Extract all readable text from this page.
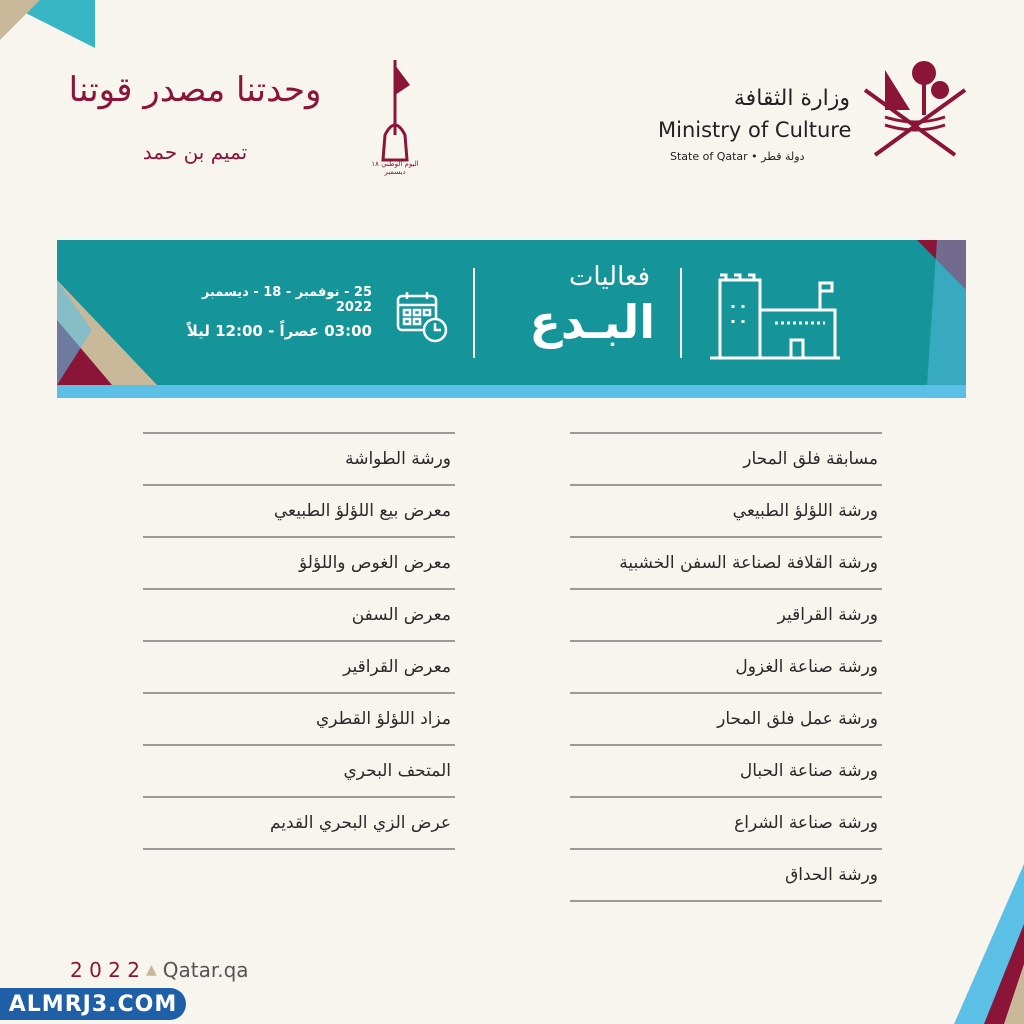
وحدتنا مصدر قوتنا
تميم بن حمد	اليوم الوطني ١٨ ديسمبر
وزارة الثقافة
Ministry of Culture
State of Qatar • دولة قطر
فعاليات
البـدع
25 - نوفمبر - 18 - ديسمبر 2022
03:00 عصراً - 12:00 ليلاً
مسابقة فلق المحار
ورشة اللؤلؤ الطبيعي
ورشة القلافة لصناعة السفن الخشبية
ورشة القراقير
ورشة صناعة الغزول
ورشة عمل فلق المحار
ورشة صناعة الحبال
ورشة صناعة الشراع
ورشة الحداق
ورشة الطواشة
معرض بيع اللؤلؤ الطبيعي
معرض الغوص واللؤلؤ
معرض السفن
معرض القراقير
مزاد اللؤلؤ القطري
المتحف البحري
عرض الزي البحري القديم
2 0 2 2 ▲ Qatar.qa
ALMRJ3.COM
